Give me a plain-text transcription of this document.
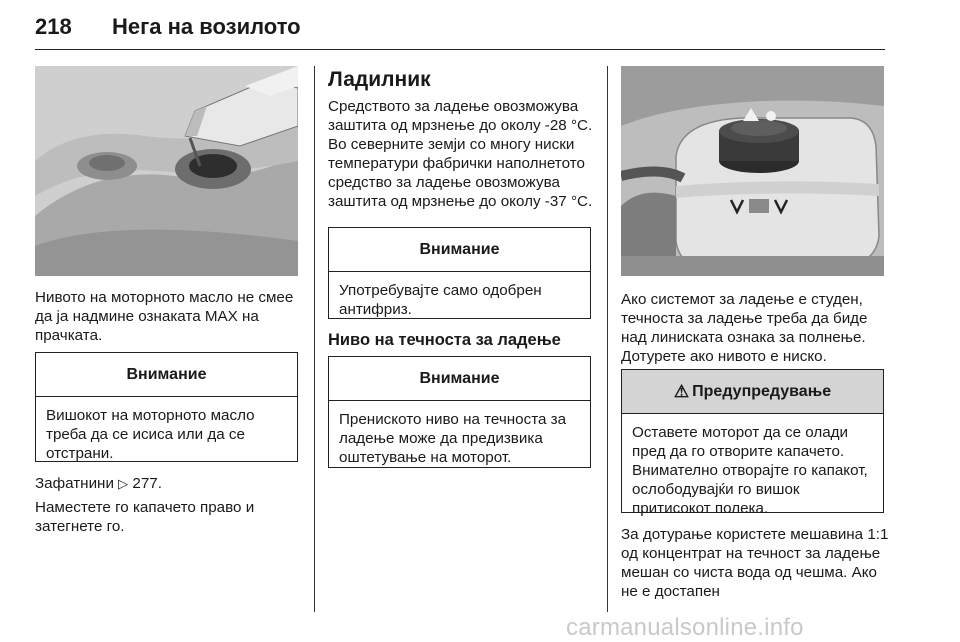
218 Нега на возилото
Нивото на моторното масло не смее да ја надмине ознаката MAX на прачката.
Внимание
Вишокот на моторното масло треба да се исиса или да се отстрани.
Зафатнини ▷ 277.
Наместете го капачето право и затегнете го.
Ладилник
Средството за ладење овозможува заштита од мрзнење до околу -28 °C. Во северните земји со многу ниски температури фабрички наполнетото средство за ладење овозможува заштита од мрзнење до околу -37 °C.
Внимание
Употребувајте само одобрен антифриз.
Ниво на течноста за ладење
Внимание
Прениското ниво на течноста за ладење може да предизвика оштетување на моторот.
Ако системот за ладење е студен, течноста за ладење треба да биде над линиската ознака за полнење. Дотурете ако нивото е ниско.
⚠ Предупредување
Оставете моторот да се олади пред да го отворите капачето. Внимателно отворајте го капакот, ослободувајќи го вишок притисокот полека.
За дотурање користете мешавина 1:1 од концентрат на течност за ладење мешан со чиста вода од чешма. Ако не е достапен
carmanualsonline.info
